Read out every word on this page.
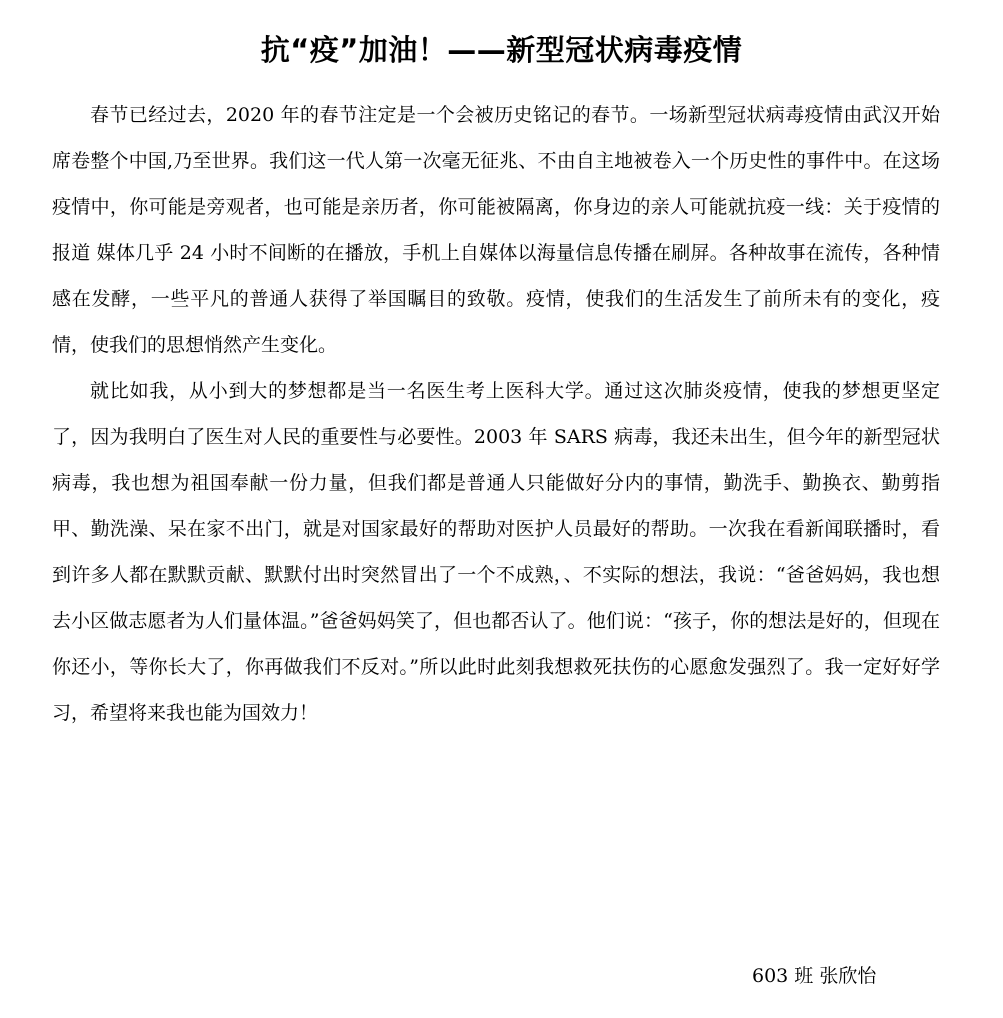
抗“疫”加油！——新型冠状病毒疫情

春节已经过去，2020 年的春节注定是一个会被历史铭记的春节。一场新型冠状病毒疫情由武汉开始席卷整个中国,乃至世界。我们这一代人第一次毫无征兆、不由自主地被卷入一个历史性的事件中。在这场疫情中，你可能是旁观者，也可能是亲历者，你可能被隔离，你身边的亲人可能就抗疫一线：关于疫情的报道 媒体几乎 24 小时不间断的在播放，手机上自媒体以海量信息传播在刷屏。各种故事在流传，各种情感在发酵，一些平凡的普通人获得了举国瞩目的致敬。疫情，使我们的生活发生了前所未有的变化，疫情，使我们的思想悄然产生变化。

就比如我，从小到大的梦想都是当一名医生考上医科大学。通过这次肺炎疫情，使我的梦想更坚定了，因为我明白了医生对人民的重要性与必要性。2003 年 SARS 病毒，我还未出生，但今年的新型冠状病毒，我也想为祖国奉献一份力量，但我们都是普通人只能做好分内的事情，勤洗手、勤换衣、勤剪指甲、勤洗澡、呆在家不出门，就是对国家最好的帮助对医护人员最好的帮助。一次我在看新闻联播时，看到许多人都在默默贡献、默默付出时突然冒出了一个不成熟，、不实际的想法，我说：“爸爸妈妈，我也想去小区做志愿者为人们量体温。”爸爸妈妈笑了，但也都否认了。他们说：“孩子，你的想法是好的，但现在你还小，等你长大了，你再做我们不反对。”所以此时此刻我想救死扶伤的心愿愈发强烈了。我一定好好学习，希望将来我也能为国效力！

603 班 张欣怡
